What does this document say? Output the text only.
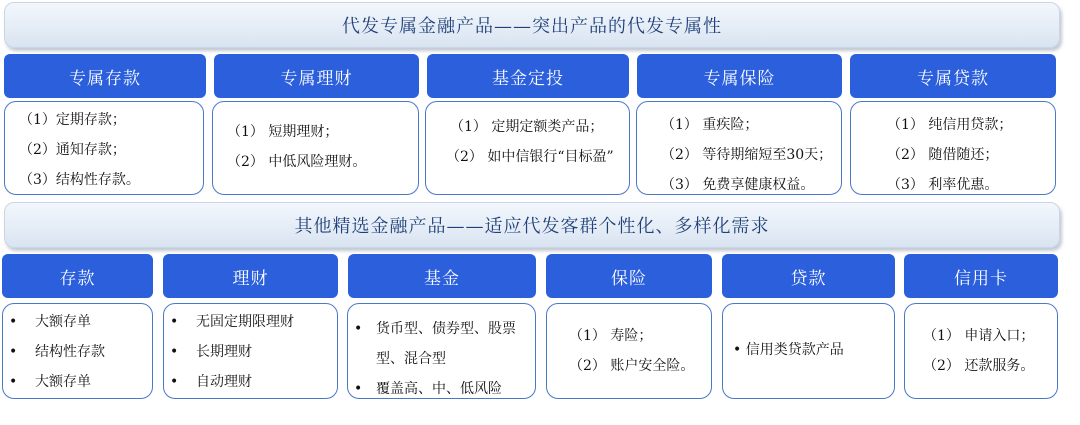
代发专属金融产品——突出产品的代发专属性
专属存款	专属理财	基金定投	专属保险	专属贷款
（1）定期存款；
（2）通知存款；
（3）结构性存款。
（1） 短期理财；
（2） 中低风险理财。
（1） 定期定额类产品；
（2） 如中信银行“目标盈”
（1） 重疾险；
（2） 等待期缩短至30天；
（3） 免费享健康权益。
（1） 纯信用贷款；
（2） 随借随还；
（3） 利率优惠。
其他精选金融产品——适应代发客群个性化、多样化需求
存款	理财	基金	保险	贷款	信用卡
• 大额存单
• 结构性存款
• 大额存单
• 无固定期限理财
• 长期理财
• 自动理财
• 货币型、债券型、股票型、混合型
• 覆盖高、中、低风险
（1） 寿险；
（2） 账户安全险。
• 信用类贷款产品
（1） 申请入口；
（2） 还款服务。
